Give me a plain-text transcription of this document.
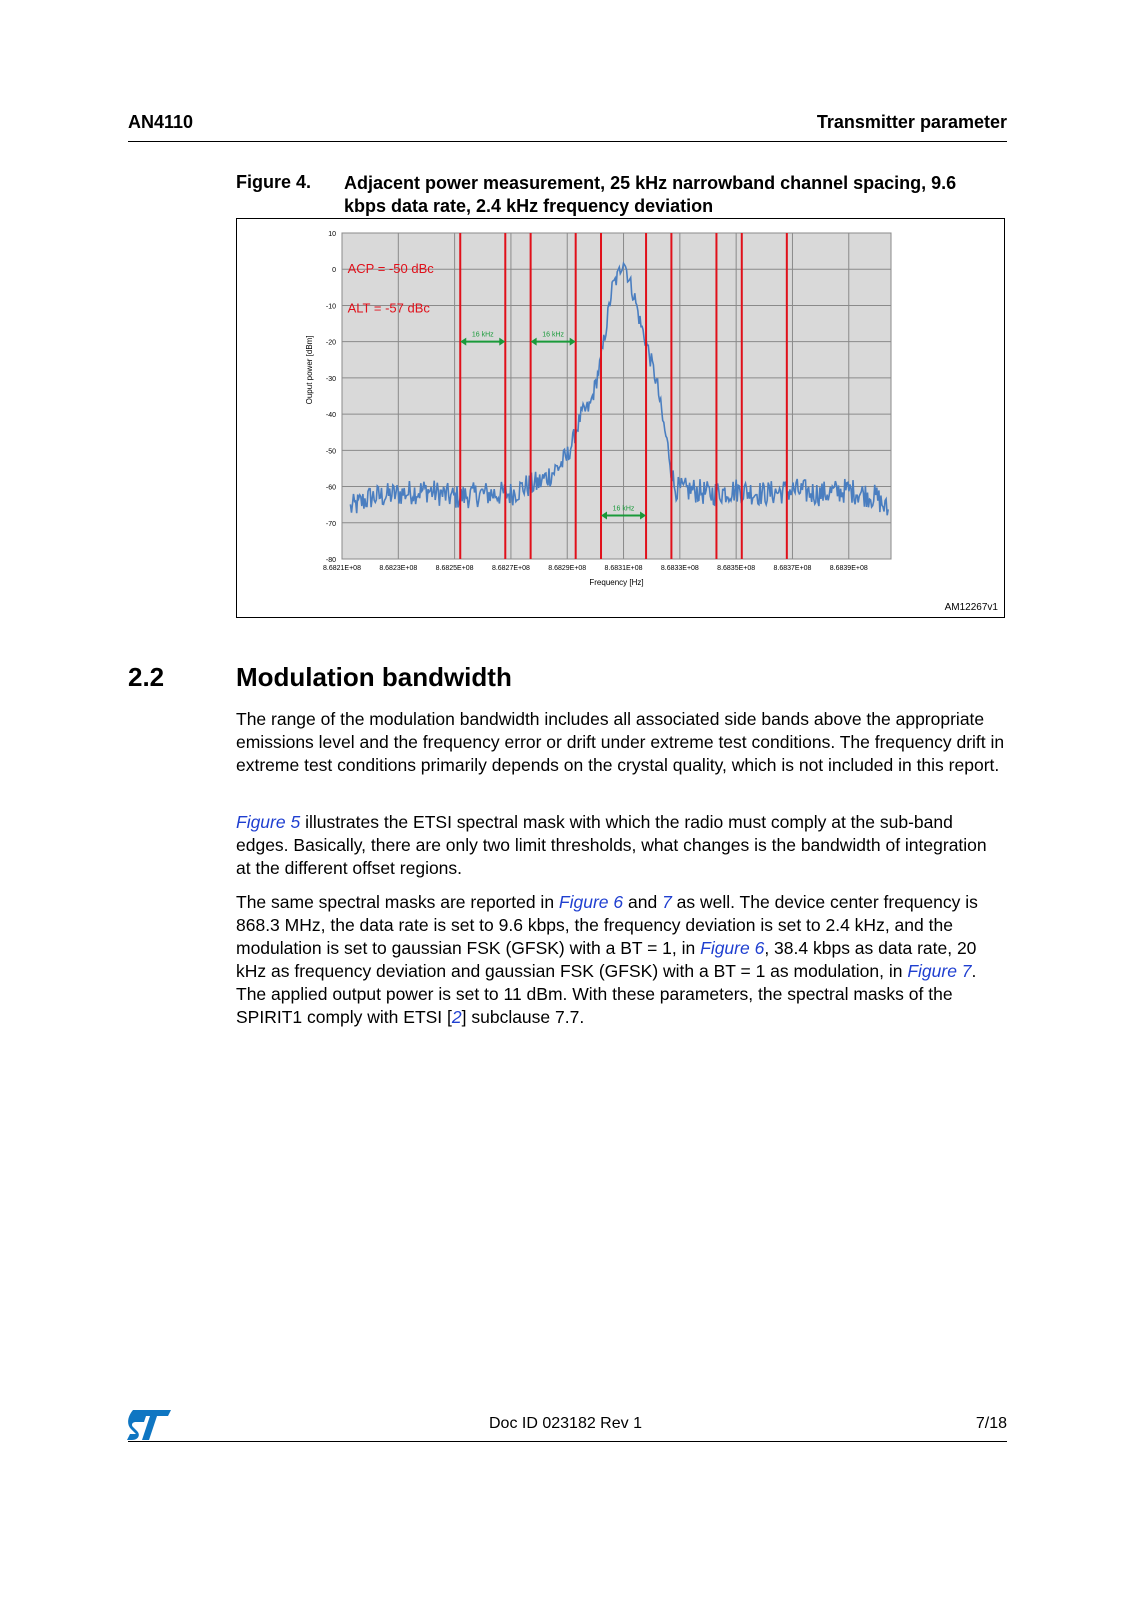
AN4110	Transmitter parameter
Figure 4. Adjacent power measurement, 25 kHz narrowband channel spacing, 9.6 kbps data rate, 2.4 kHz frequency deviation
10
0
-10
-20
-30
-40
-50
-60
-70
-80
8.6821E+08	8.6823E+08	8.6825E+08	8.6827E+08	8.6829E+08	8.6831E+08	8.6833E+08	8.6835E+08	8.6837E+08	8.6839E+08
Frequency [Hz]
Ouput power [dBm]
16 kHz	16 kHz
16 kHz
ACP = -50 dBc
ALT = -57 dBc
AM12267v1
2.2	Modulation bandwidth

The range of the modulation bandwidth includes all associated side bands above the appropriate emissions level and the frequency error or drift under extreme test conditions. The frequency drift in extreme test conditions primarily depends on the crystal quality, which is not included in this report.

Figure 5 illustrates the ETSI spectral mask with which the radio must comply at the sub-band edges. Basically, there are only two limit thresholds, what changes is the bandwidth of integration at the different offset regions.

The same spectral masks are reported in Figure 6 and 7 as well. The device center frequency is 868.3 MHz, the data rate is set to 9.6 kbps, the frequency deviation is set to 2.4 kHz, and the modulation is set to gaussian FSK (GFSK) with a BT = 1, in Figure 6, 38.4 kbps as data rate, 20 kHz as frequency deviation and gaussian FSK (GFSK) with a BT = 1 as modulation, in Figure 7. The applied output power is set to 11 dBm. With these parameters, the spectral masks of the SPIRIT1 comply with ETSI [2] subclause 7.7.

Doc ID 023182 Rev 1	7/18
